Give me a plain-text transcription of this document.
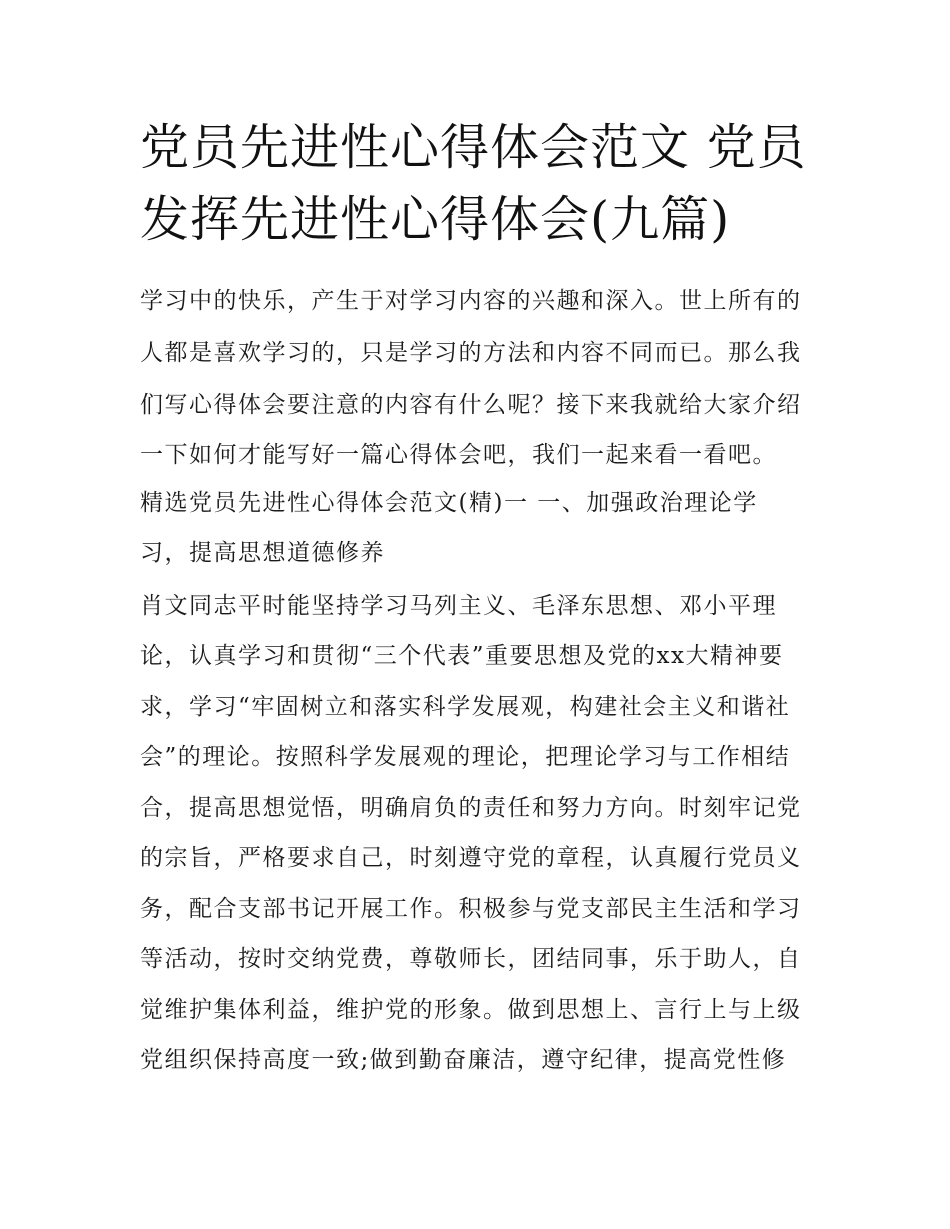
党员先进性心得体会范文 党员
发挥先进性心得体会(九篇)
学习中的快乐，产生于对学习内容的兴趣和深入。世上所有的
人都是喜欢学习的，只是学习的方法和内容不同而已。那么我
们写心得体会要注意的内容有什么呢？接下来我就给大家介绍
一下如何才能写好一篇心得体会吧，我们一起来看一看吧。
精选党员先进性心得体会范文(精)一 一、加强政治理论学
习，提高思想道德修养
肖文同志平时能坚持学习马列主义、毛泽东思想、邓小平理
论，认真学习和贯彻“三个代表”重要思想及党的xx大精神要
求，学习“牢固树立和落实科学发展观，构建社会主义和谐社
会”的理论。按照科学发展观的理论，把理论学习与工作相结
合，提高思想觉悟，明确肩负的责任和努力方向。时刻牢记党
的宗旨，严格要求自己，时刻遵守党的章程，认真履行党员义
务，配合支部书记开展工作。积极参与党支部民主生活和学习
等活动，按时交纳党费，尊敬师长，团结同事，乐于助人，自
觉维护集体利益，维护党的形象。做到思想上、言行上与上级
党组织保持高度一致;做到勤奋廉洁，遵守纪律，提高党性修
